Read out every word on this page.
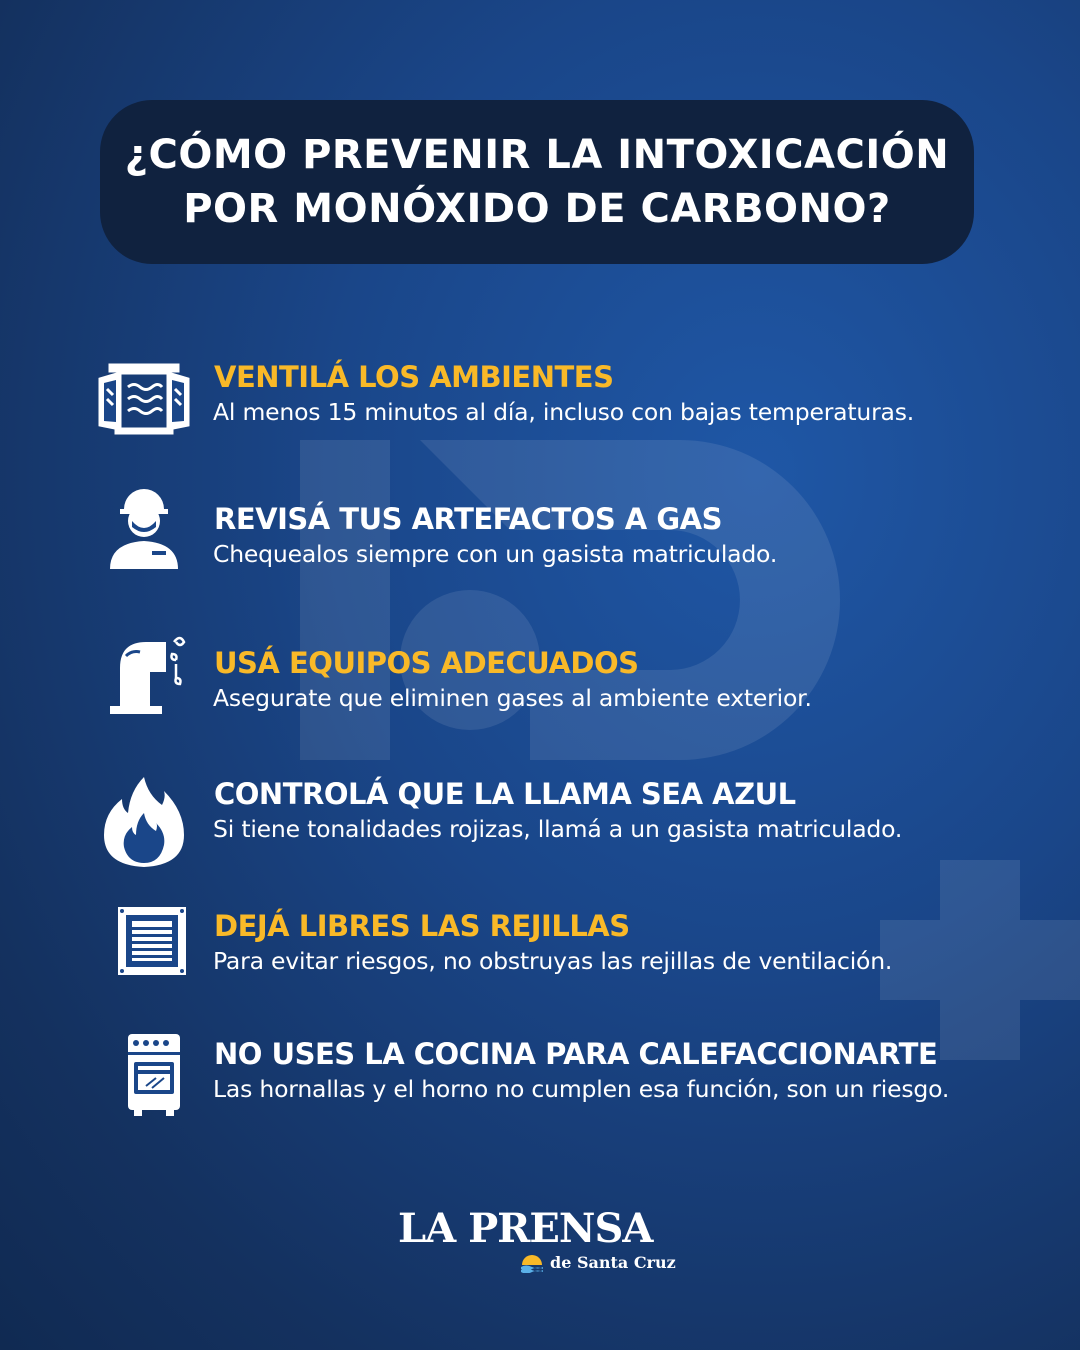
¿CÓMO PREVENIR LA INTOXICACIÓN
POR MONÓXIDO DE CARBONO?
VENTILÁ LOS AMBIENTES
Al menos 15 minutos al día, incluso con bajas temperaturas.
REVISÁ TUS ARTEFACTOS A GAS
Chequealos siempre con un gasista matriculado.
USÁ EQUIPOS ADECUADOS
Asegurate que eliminen gases al ambiente exterior.
CONTROLÁ QUE LA LLAMA SEA AZUL
Si tiene tonalidades rojizas, llamá a un gasista matriculado.
DEJÁ LIBRES LAS REJILLAS
Para evitar riesgos, no obstruyas las rejillas de ventilación.
NO USES LA COCINA PARA CALEFACCIONARTE
Las hornallas y el horno no cumplen esa función, son un riesgo.
LA PRENSA
de Santa Cruz
